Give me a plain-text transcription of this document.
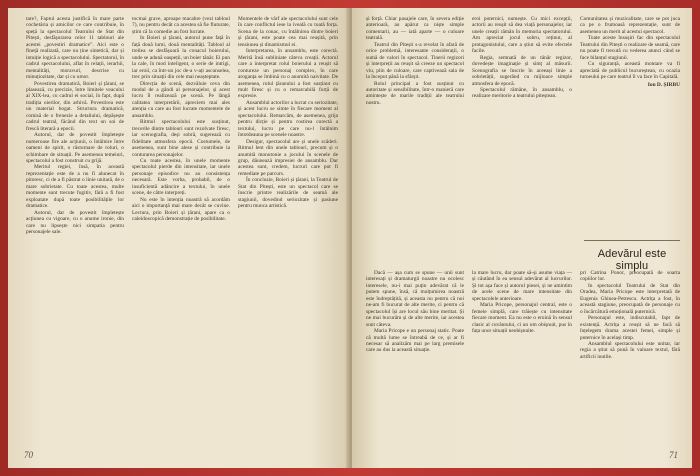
tare?, Faptul acesta justifică în mare parte cochetăria și amicilor ce care contribuie, în speță la spectacolul Teatrului de Stat din Pitești, desfășurarea celor 11 tablouri ale acestei „povestiri dramatice”. Aici este o fineță realizată, care nu ține sintetică, dar și intuiție logică a spectacolului. Spectatorul, în cadrul spectacolului, aflat în relații, ierarhii, mentalități, moravuri, descrise cu minuțiozitate, dar și cu umor.

Povestirea dramatică, Boieri și țărani, se plasează, cu precizie, între limitele veacului al XIX-lea, cu cadrul ei social, în fapt, după tradiția oierilor, din arhivă. Povestirea este un material bogat. Structura dramatică, comisă de o frenezie a detaliului, depășește cadrul teatral, făcând din text un soi de frescă literară a epocii.

Autorul, dar de povestit împletește numeroase fire ale acțiunii, o întâlnire între oameni de spirit, o răsturnare de roluri, o schimbare de situații. Pe asemenea temeiuri, spectacolul a fost construit cu grijă.

Meritul regiei, însă, în această reprezentație este de a nu fi alunecat în pitoresc, ci de a fi păstrat o linie unitară, de o mare sobrietate. Cu toate acestea, multe momente sunt trecute fugitiv, fără a fi fost exploatate după toate posibilitățile lor dramatice.

Autorul, dar de povestit împletește acțiunea cu vigoare, cu o anume ironie, din care nu lipsește nici simpatia pentru personajele sale.

tocmai grave, aproape macabre (vezi tabloul 7), nu pentru decât ca acestea să fie fluturate, știm că la comedie au fost lucrate.

In Boieri și țărani, autorul pune față în față două lumi, două mentalități. Tabloul al treilea se desfășoară la conacul boierului, unde se adună oaspeții, un boier tânăr. Ei pun la cale, în mod inteligent, o serie de intrigi, iar eroii, ca într-un joc de-a v-ați ascunselea, trec prin situații din cele mai neașteptate.

Direcția de scenă, dezvăluie ceva din modul de a gândi al personajelor, și acest lucru îl realizează pe scenă. Pe lângă calitatea interpretării, apreciem mai ales atenția cu care au fost lucrate momentele de ansamblu.

Ritmul spectacolului este susținut, trecerile dintre tablouri sunt rezolvate firesc, iar scenografia, deși sobră, sugerează cu fidelitate atmosfera epocii. Costumele, de asemenea, sunt bine alese și contribuie la conturarea personajelor.

Cu toate acestea, în unele momente spectacolul pierde din intensitate, iar unele personaje episodice nu au consistența necesară. Este vorba, probabil, de o insuficientă adâncire a textului, în unele scene, de către interpreți.

Nu este în intenția noastră să acordăm aici o importanță mai mare decât se cuvine. Lectura, prin Boieri și țărani, apare ca o caleidoscopică demonstrație de posibilitate.

Momentele de vârf ale spectacolului sunt cele în care conflictul iese la iveală cu toată forța. Scena de la conac, cu întâlnirea dintre boieri și țărani, este poate cea mai reușită, prin tensiunea și dinamismul ei.

Interpretarea, în ansamblu, este corectă. Merită însă subliniate câteva creații. Actorul care a interpretat rolul boierului a reușit să contureze un personaj complex, în care aroganța se îmbină cu o anumită naivitate. De asemenea, rolul țăranului a fost susținut cu mult firesc și cu o remarcabilă forță de expresie.

Ansamblul actorilor a lucrat cu seriozitate, și acest lucru se simte în fiecare moment al spectacolului. Remarcăm, de asemenea, grija pentru dicție și pentru rostirea corectă a textului, lucru pe care nu-l întâlnim întotdeauna pe scenele noastre.

Desigur, spectacolul are și unele scăderi. Ritmul lent din unele tablouri, precum și o anumită monotonie a jocului în scenele de grup, dăunează impresiei de ansamblu. Dar acestea sunt, credem, lucruri care pot fi remediate pe parcurs.

În concluzie, Boieri și țărani, la Teatrul de Stat din Pitești, este un spectacol care se înscrie printre realizările de seamă ale stagiunii, dovedind seriozitate și pasiune pentru munca artistică.

70

și forță. Chiar pasajele care, în severa ediție anterioară, au apărut ca niște simple comentarii, au — iată aparte — o culoare teatrală.

Teatrul din Pitești s-a revelat în afară de orice problemă, interesante considerații, o sumă de valori în spectacol. Tinerii regizori și interpreții au reușit să creeze un spectacol viu, plin de culoare, care captivează sala de la început până la sfârșit.

Rolul principal a fost susținut cu autoritate și sensibilitate, într-o manieră care amintește de marile tradiții ale teatrului nostru.

eroi poternici, numește. Cu mici excepții, actorii au reușit să dea viață personajelor, iar unele creații rămân în memoria spectatorului. Am apreciat jocul sobru, reținut, al protagonistului, care a știut să evite efectele facile.

Regia, semnată de un tânăr regizor, dovedește imaginație și simț al măsurii. Scenografia se înscrie în aceeași linie a sobrietății, sugerând cu mijloace simple atmosfera de epocă.

Spectacolul rămâne, în ansamblu, o realizare meritorie a teatrului piteștean.

Comunitatea și muzicalitate, care se pot juca ca pe o frumoasă reprezentație, sunt de asemenea un merit al acestui spectacol.

Toate aceste însușiri fac din spectacolul Teatrului din Pitești o realizare de seamă, care nu poate fi trecută cu vederea atunci când se face bilanțul stagiunii.

Cu siguranță, această montare va fi apreciată de publicul bucureștean, cu ocazia turneului pe care teatrul îl va face în Capitală.

Ion D. ȘIRBU
Adevărul este simplu

Dacă — așa cum se spune — unii sunt interesați și dramaturgii noastre nu ocolesc interesele, nu-i mai puțin adevărat că le putem spune, însă, că mulțumirea noastră este îndreptățită, și aceasta nu pentru că noi ne-am fi bucurat de alte merite, ci pentru că spectacolul își are locul său bine meritat. Și ne mai bucurăm și de alte merite, iar acestea sunt câteva.

Maria Pricope e un personaj static. Poate că multă lume se întreabă de ce, și ar fi necesar să analizăm mai pe larg premisele care au dus la această situație.

la mare lucru, dar poate să-și asume viața — și căutând în ea sensul adevărat al lucrurilor. Și tot așa face și autorul piesei, și ne amintim de acele scene de mare intensitate din spectacolele anterioare.

Maria Pricope, personajul central, este o femeie simplă, care trăiește cu intensitate fiecare moment. Ea nu este o eroină în sensul clasic al cuvântului, ci un om obișnuit, pus în fața unor situații neobișnuite.

pri Catrina Ponor, preocupată de soarta copiilor lor.

In spectacolul Teatrului de Stat din Oradea, Maria Pricope este interpretată de Eugenia Ghinea-Petrescu. Actrița a fost, în această stagiune, preocupată de personaje cu o încărcătură emoțională puternică.

Personajul este, indiscutabil, fapt de existență. Actrița a reușit să ne facă să înțelegem drama acestei femei, simple și puternice în același timp.

Ansamblul spectacolului este unitar, iar regia a știut să pună în valoare textul, fără artificii inutile.

71
